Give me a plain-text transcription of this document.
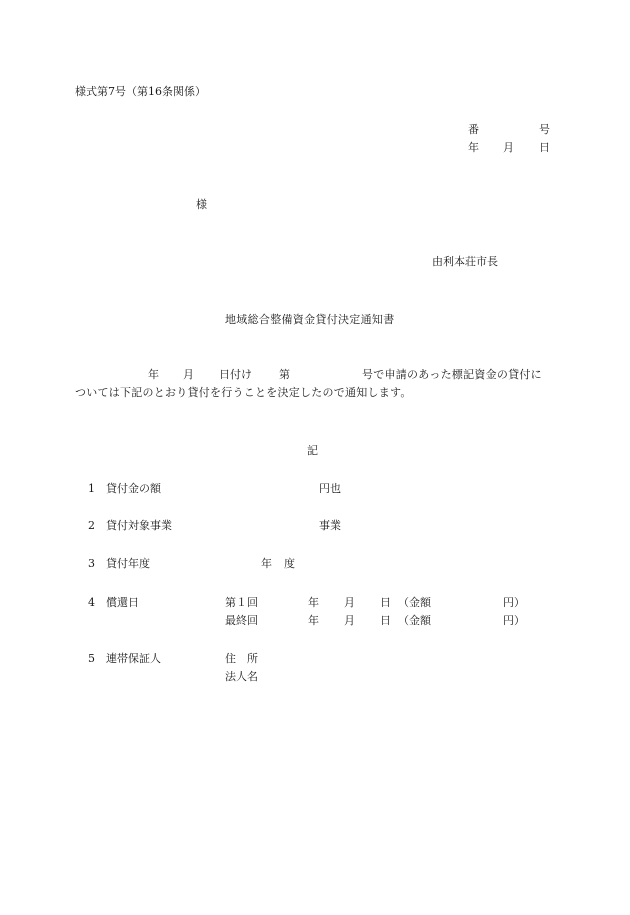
様式第7号（第16条関係）
番	号
年 月 日
様
由利本荘市長
地域総合整備資金貸付決定通知書
年 月 日付け 第	号で申請のあった標記資金の貸付に
ついては下記のとおり貸付を行うことを決定したので通知します。
記
1 貸付金の額	円也
2 貸付対象事業	事業
3 貸付年度	年 度
4 償還日	第１回	年 月 日 （金額	円）
最終回	年 月 日 （金額	円）
5 連帯保証人	住　所
法人名
